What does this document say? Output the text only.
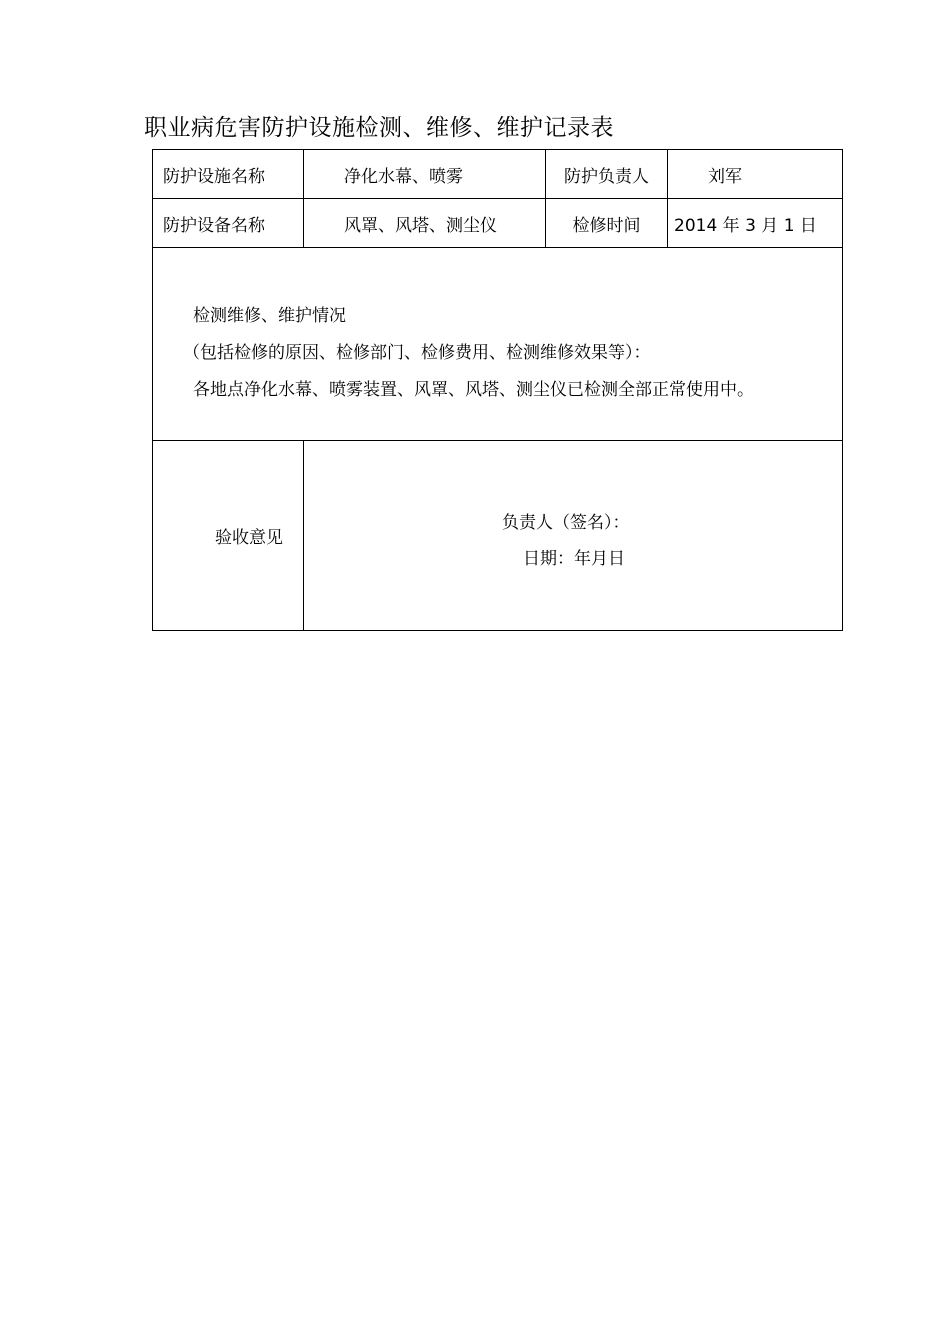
职业病危害防护设施检测、维修、维护记录表
防护设施名称	净化水幕、喷雾	防护负责人	刘军
防护设备名称	风罩、风塔、测尘仪	检修时间	2014 年 3 月 1 日

检测维修、维护情况
（包括检修的原因、检修部门、检修费用、检测维修效果等）：
各地点净化水幕、喷雾装置、风罩、风塔、测尘仪已检测全部正常使用中。			

验收意见	负责人（签名）：
日期：年月日		
